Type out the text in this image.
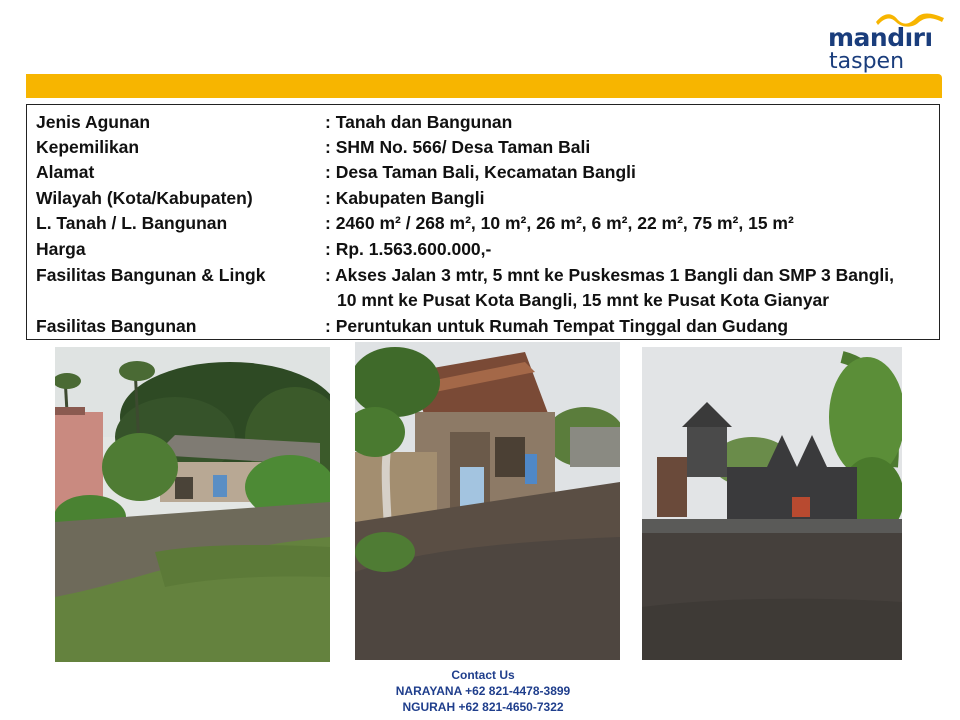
mandırı
taspen
Jenis Agunan	: Tanah dan Bangunan
Kepemilikan	: SHM No. 566/ Desa Taman Bali
Alamat	: Desa Taman Bali, Kecamatan Bangli
Wilayah (Kota/Kabupaten)	: Kabupaten Bangli
L. Tanah / L. Bangunan	: 2460 m² / 268 m², 10 m², 26 m², 6 m², 22 m², 75 m², 15 m²
Harga	: Rp. 1.563.600.000,-
Fasilitas Bangunan & Lingk	: Akses Jalan 3 mtr, 5 mnt ke Puskesmas 1 Bangli dan SMP 3 Bangli,
10 mnt ke Pusat Kota Bangli, 15 mnt ke Pusat Kota Gianyar
Fasilitas Bangunan	: Peruntukan untuk Rumah Tempat Tinggal dan Gudang
Contact Us
NARAYANA +62 821-4478-3899
NGURAH +62 821-4650-7322
